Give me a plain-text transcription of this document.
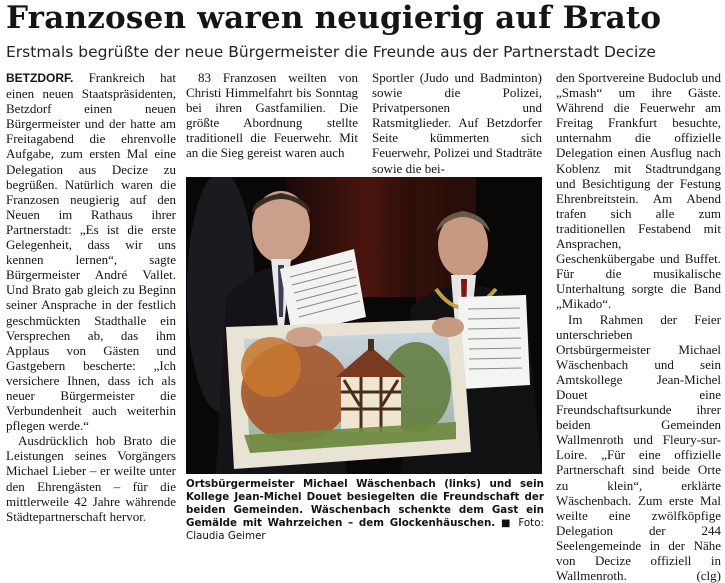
Franzosen waren neugierig auf Brato
Erstmals begrüßte der neue Bürgermeister die Freunde aus der Partnerstadt Decize

BETZDORF. Frankreich hat einen neuen Staatspräsidenten, Betzdorf einen neuen Bürgermeister und der hatte am Freitagabend die ehrenvolle Aufgabe, zum ersten Mal eine Delegation aus Decize zu begrüßen. Natürlich waren die Franzosen neugierig auf den Neuen im Rathaus ihrer Partnerstadt: „Es ist die erste Gelegenheit, dass wir uns kennen lernen“, sagte Bürgermeister André Vallet. Und Brato gab gleich zu Beginn seiner Ansprache in der festlich geschmückten Stadthalle ein Versprechen ab, das ihm Applaus von Gästen und Gastgebern bescherte: „Ich versichere Ihnen, dass ich als neuer Bürgermeister die Verbundenheit auch weiterhin pflegen werde.“

Ausdrücklich hob Brato die Leistungen seines Vorgängers Michael Lieber – er weilte unter den Ehrengästen – für die mittlerweile 42 Jahre währende Städtepartnerschaft hervor.

83 Franzosen weilten von Christi Himmelfahrt bis Sonntag bei ihren Gastfamilien. Die größte Abordnung stellte traditionell die Feuerwehr. Mit an die Sieg gereist waren auch

Sportler (Judo und Badminton) sowie die Polizei, Privatpersonen und Ratsmitglieder. Auf Betzdorfer Seite kümmerten sich Feuerwehr, Polizei und Stadträte sowie die bei-

den Sportvereine Budoclub und „Smash“ um ihre Gäste. Während die Feuerwehr am Freitag Frankfurt besuchte, unternahm die offizielle Delegation einen Ausflug nach Koblenz mit Stadtrundgang und Besichtigung der Festung Ehrenbreitstein. Am Abend trafen sich alle zum traditionellen Festabend mit Ansprachen, Geschenkübergabe und Buffet. Für die musikalische Unterhaltung sorgte die Band „Mikado“.

Im Rahmen der Feier unterschrieben Ortsbürgermeister Michael Wäschenbach und sein Amtskollege Jean-Michel Douet eine Freundschaftsurkunde ihrer beiden Gemeinden Wallmenroth und Fleury-sur-Loire. „Für eine offizielle Partnerschaft sind beide Orte zu klein“, erklärte Wäschenbach. Zum erste Mal weilte eine zwölfköpfige Delegation der 244 Seelengemeinde in der Nähe von Decize offiziell in Wallmenroth.	(clg)

Ortsbürgermeister Michael Wäschenbach (links) und sein Kollege Jean-Michel Douet besiegelten die Freundschaft der beiden Gemeinden. Wäschenbach schenkte dem Gast ein Gemälde mit Wahrzeichen – dem Glockenhäuschen. ■ Foto: Claudia Geimer
